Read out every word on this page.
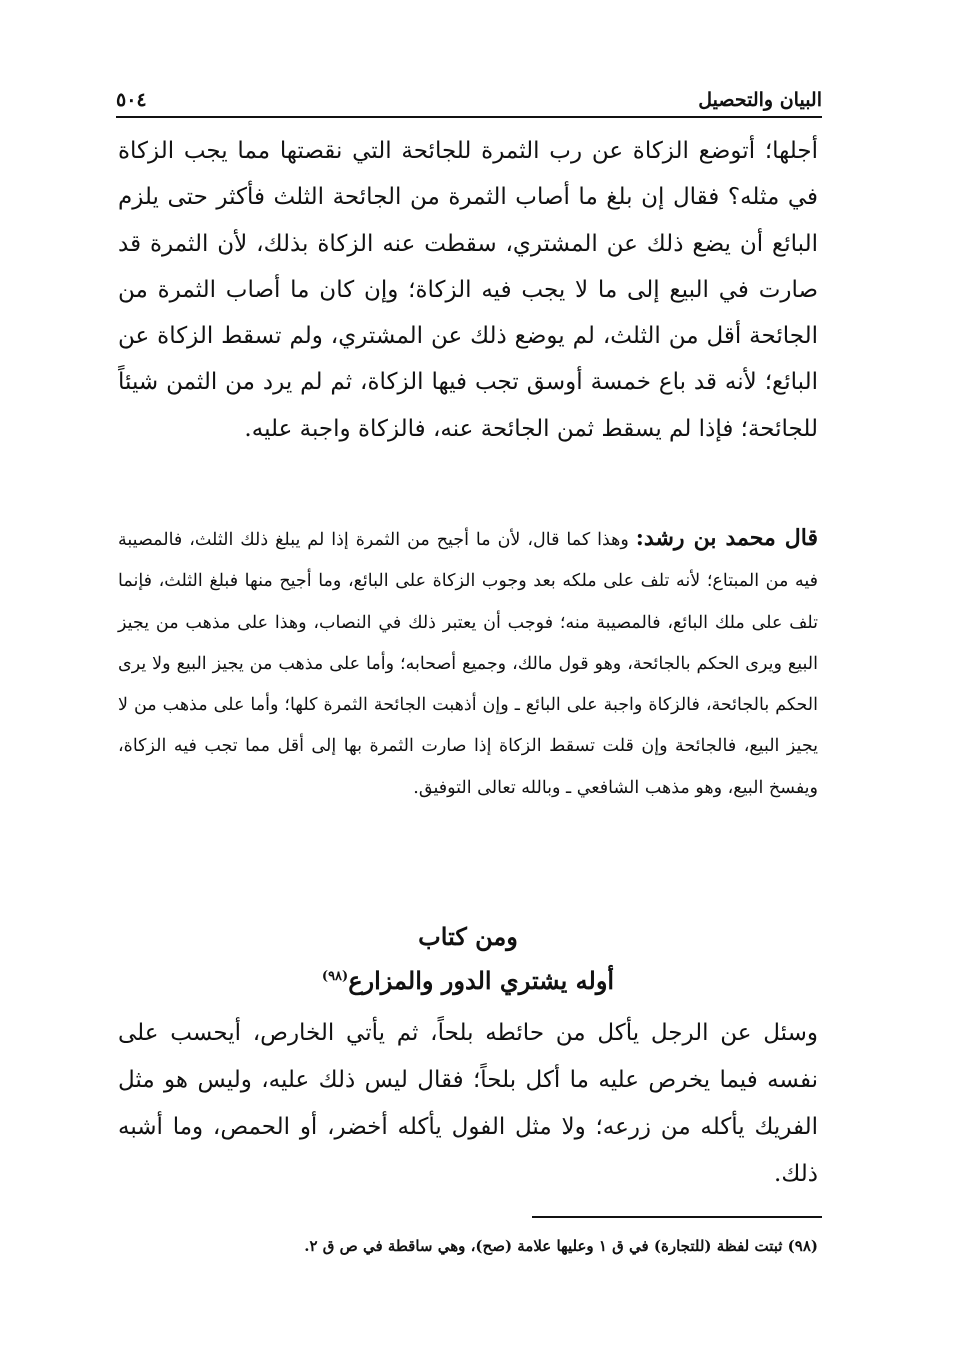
البيان والتحصيل
٥٠٤
أجلها؛ أتوضع الزكاة عن رب الثمرة للجائحة التي نقصتها مما يجب الزكاة في مثله؟ فقال إن بلغ ما أصاب الثمرة من الجائحة الثلث فأكثر حتى يلزم البائع أن يضع ذلك عن المشتري، سقطت عنه الزكاة بذلك، لأن الثمرة قد صارت في البيع إلى ما لا يجب فيه الزكاة؛ وإن كان ما أصاب الثمرة من الجائحة أقل من الثلث، لم يوضع ذلك عن المشتري، ولم تسقط الزكاة عن البائع؛ لأنه قد باع خمسة أوسق تجب فيها الزكاة، ثم لم يرد من الثمن شيئاً للجائحة؛ فإذا لم يسقط ثمن الجائحة عنه، فالزكاة واجبة عليه.
قال محمد بن رشد: وهذا كما قال، لأن ما أجيح من الثمرة إذا لم يبلغ ذلك الثلث، فالمصيبة فيه من المبتاع؛ لأنه تلف على ملكه بعد وجوب الزكاة على البائع، وما أجيح منها فبلغ الثلث، فإنما تلف على ملك البائع، فالمصيبة منه؛ فوجب أن يعتبر ذلك في النصاب، وهذا على مذهب من يجيز البيع ويرى الحكم بالجائحة، وهو قول مالك، وجميع أصحابه؛ وأما على مذهب من يجيز البيع ولا يرى الحكم بالجائحة، فالزكاة واجبة على البائع ـ وإن أذهبت الجائحة الثمرة كلها؛ وأما على مذهب من لا يجيز البيع، فالجائحة وإن قلت تسقط الزكاة إذا صارت الثمرة بها إلى أقل مما تجب فيه الزكاة، ويفسخ البيع، وهو مذهب الشافعي ـ وبالله تعالى التوفيق.
ومن كتاب
أوله يشتري الدور والمزارع$^{(٩٨)}$
وسئل عن الرجل يأكل من حائطه بلحاً، ثم يأتي الخارص، أيحسب على نفسه فيما يخرص عليه ما أكل بلحاً؛ فقال ليس ذلك عليه، وليس هو مثل الفريك يأكله من زرعه؛ ولا مثل الفول يأكله أخضر، أو الحمص، وما أشبه ذلك.
(٩٨) ثبتت لفظة (للتجارة) في ق ١ وعليها علامة (صح)، وهي ساقطة في ص ق ٢.
